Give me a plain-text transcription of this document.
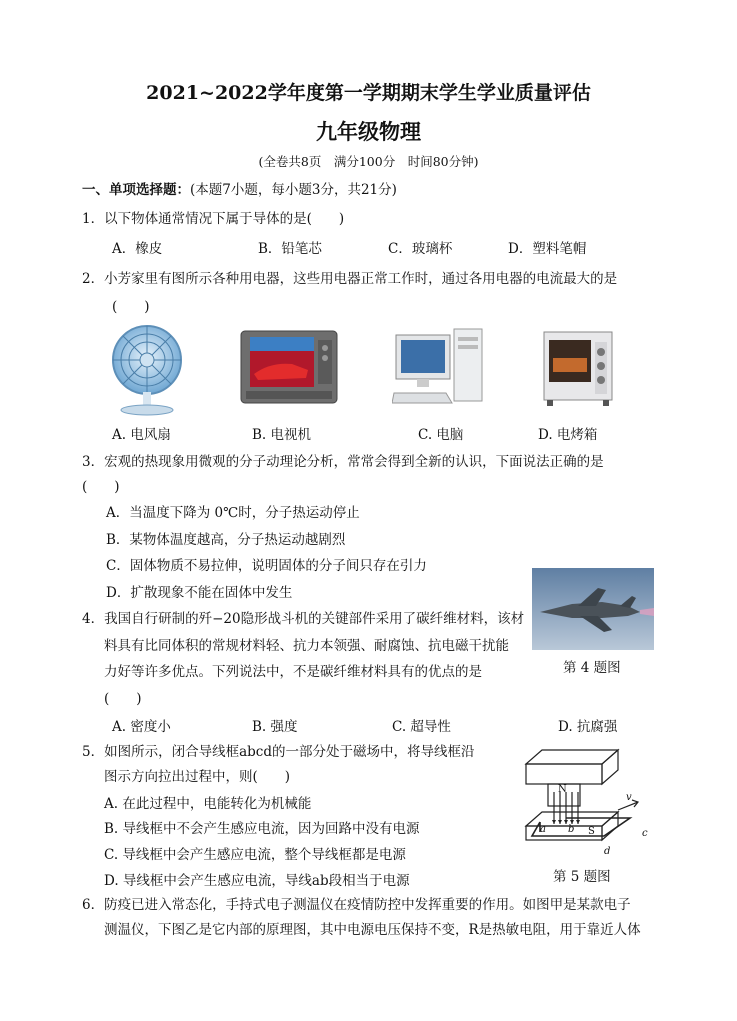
2021~2022学年度第一学期期末学生学业质量评估
九年级物理
(全卷共8页　满分100分　时间80分钟)
一、单项选择题：(本题7小题，每小题3分，共21分)
1．以下物体通常情况下属于导体的是(　　)
A．橡皮	B．铅笔芯	C．玻璃杯	D．塑料笔帽
2．小芳家里有图所示各种用电器，这些用电器正常工作时，通过各用电器的电流最大的是
(　　)
A. 电风扇	B. 电视机	C. 电脑	D. 电烤箱
3．宏观的热现象用微观的分子动理论分析，常常会得到全新的认识，下面说法正确的是
(　　)
A．当温度下降为 0℃时，分子热运动停止
B．某物体温度越高，分子热运动越剧烈
C．固体物质不易拉伸，说明固体的分子间只存在引力
D．扩散现象不能在固体中发生
4．我国自行研制的歼−20隐形战斗机的关键部件采用了碳纤维材料，该材
料具有比同体积的常规材料轻、抗力本领强、耐腐蚀、抗电磁干扰能
力好等许多优点。下列说法中，不是碳纤维材料具有的优点的是
(　　)
第 4 题图
A. 密度小	B. 强度	C. 超导性	D. 抗腐强
5．如图所示，闭合导线框abcd的一部分处于磁场中，将导线框沿
图示方向拉出过程中，则(　　)
A. 在此过程中，电能转化为机械能
B. 导线框中不会产生感应电流，因为回路中没有电源
C. 导线框中会产生感应电流，整个导线框都是电源
D. 导线框中会产生感应电流，导线ab段相当于电源
N
S
a b	c
d
v
第 5 题图
6．防疫已进入常态化，手持式电子测温仪在疫情防控中发挥重要的作用。如图甲是某款电子
测温仪，下图乙是它内部的原理图，其中电源电压保持不变，R是热敏电阻，用于靠近人体
